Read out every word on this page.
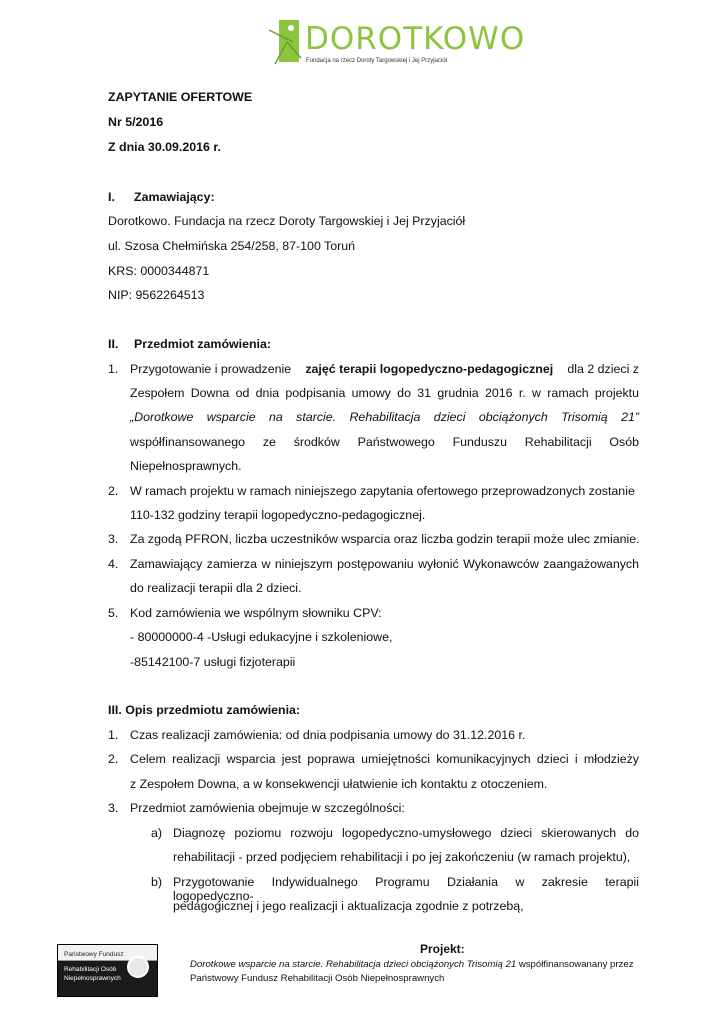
DOROTKOWO
Fundacja na rzecz Doroty Targowskiej i Jej Przyjaciół
ZAPYTANIE OFERTOWE
Nr 5/2016
Z dnia 30.09.2016 r.
I. Zamawiający:
Dorotkowo. Fundacja na rzecz Doroty Targowskiej i Jej Przyjaciół
ul. Szosa Chełmińska 254/258, 87-100 Toruń
KRS: 0000344871
NIP: 9562264513
II. Przedmiot zamówienia:
1. Przygotowanie i prowadzenie zajęć terapii logopedyczno-pedagogicznej dla 2 dzieci z
Zespołem Downa od dnia podpisania umowy do 31 grudnia 2016 r. w ramach projektu
„Dorotkowe wsparcie na starcie. Rehabilitacja dzieci obciążonych Trisomią 21”
współfinansowanego ze środków Państwowego Funduszu Rehabilitacji Osób
Niepełnosprawnych.
2. W ramach projektu w ramach niniejszego zapytania ofertowego przeprowadzonych zostanie
110-132 godziny terapii logopedyczno-pedagogicznej.
3. Za zgodą PFRON, liczba uczestników wsparcia oraz liczba godzin terapii może ulec zmianie.
4. Zamawiający zamierza w niniejszym postępowaniu wyłonić Wykonawców zaangażowanych
do realizacji terapii dla 2 dzieci.
5. Kod zamówienia we wspólnym słowniku CPV:
- 80000000-4 -Usługi edukacyjne i szkoleniowe,
-85142100-7 usługi fizjoterapii
III. Opis przedmiotu zamówienia:
1. Czas realizacji zamówienia: od dnia podpisania umowy do 31.12.2016 r.
2. Celem realizacji wsparcia jest poprawa umiejętności komunikacyjnych dzieci i młodzieży
z Zespołem Downa, a w konsekwencji ułatwienie ich kontaktu z otoczeniem.
3. Przedmiot zamówienia obejmuje w szczególności:
a) Diagnozę poziomu rozwoju logopedyczno-umysłowego dzieci skierowanych do
rehabilitacji - przed podjęciem rehabilitacji i po jej zakończeniu (w ramach projektu),
b) Przygotowanie Indywidualnego Programu Działania w zakresie terapii logopedyczno-
pedagogicznej i jego realizacji i aktualizacja zgodnie z potrzebą,
Państwowy Fundusz
Rehabilitacji Osób
Niepełnosprawnych
Projekt:
Dorotkowe wsparcie na starcie. Rehabilitacja dzieci obciążonych Trisomią 21 współfinansowanany przez
Państwowy Fundusz Rehabilitacji Osób Niepełnosprawnych
